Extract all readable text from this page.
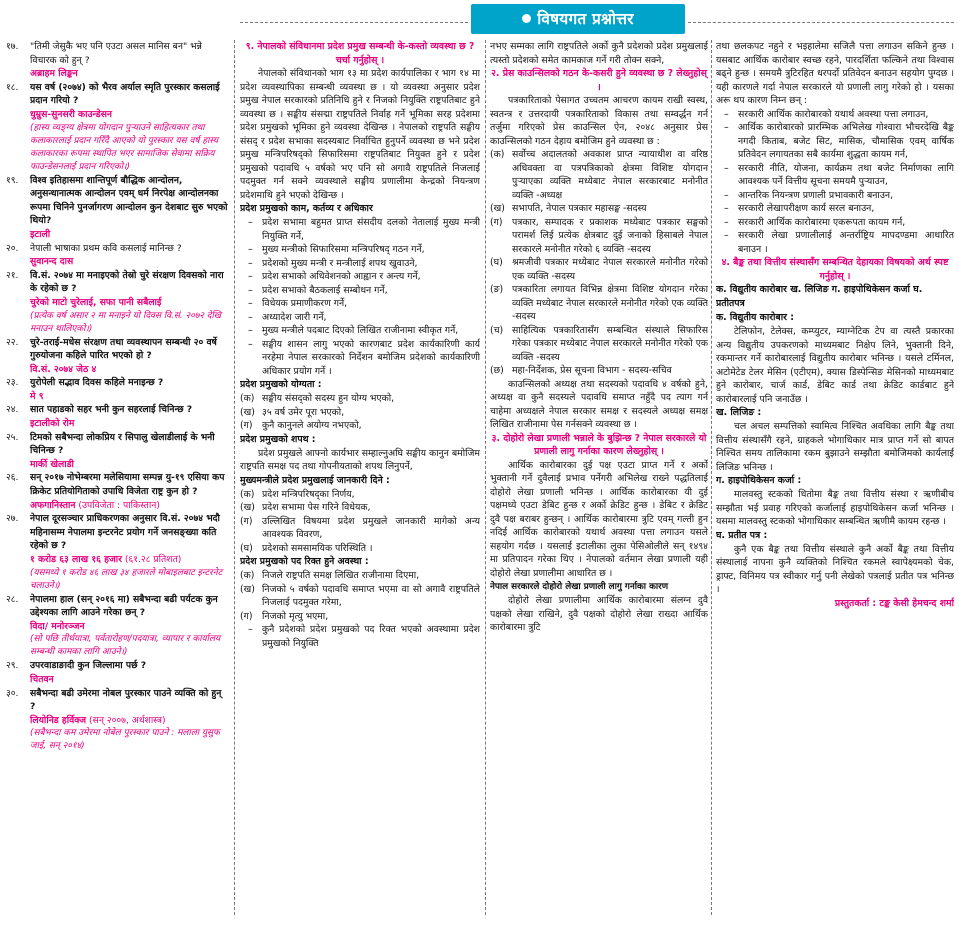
विषयगत प्रश्नोत्तर
१७. "तिमी जेसुकै भए पनि एउटा असल मानिस बन" भन्ने विचारक को हुन् ?
अब्राहम लिङ्कन
१८. यस वर्ष (२०७४) को भैरव अर्याल स्मृति पुरस्कार कसलाई प्रदान गरियो ?
धुम्रुस-सुनसरी काउन्डेसन
(हास्य व्यङ्ग्य क्षेत्रमा योगदान पुऱ्याउने साहित्यकार तथा कलाकारलाई प्रदान गरिँदै आएको यो पुरस्कार यस वर्ष हास्य कलाकारका रूपमा स्थापित भएर सामाजिक सेवामा सक्रिय फाउन्डेसनलाई प्रदान गरिएको।)
१९. विश्व इतिहासमा शान्तिपूर्ण बौद्धिक आन्दोलन, अनुसन्धानात्मक आन्दोलन एवम् धर्म निरपेक्ष आन्दोलनका रूपमा चिनिने पुनर्जागरण आन्दोलन कुन देशबाट सुरु भएको थियो?
इटाली
२०. नेपाली भाषाका प्रथम कवि कसलाई मानिन्छ ?
सुवानन्द दास
२१. वि.सं. २०७४ मा मनाइएको तेस्रो चुरे संरक्षण दिवसको नारा के रहेको छ ?
चुरेको माटो चुरेलाई, सफा पानी सबैलाई
(प्रत्येक वर्ष असार २ मा मनाइने यो दिवस वि.सं. २०७२ देखि मनाउन थालिएको।)
२२. चुरे-तराई-मधेस संरक्षण तथा व्यवस्थापन सम्बन्धी २० वर्षे गुरुयोजना कहिले पारित भएको हो ?
वि.सं. २०७४ जेठ ४
२३. युरोपेली सद्भाव दिवस कहिले मनाइन्छ ?
मे ९
२४. सात पहाडको सहर भनी कुन सहरलाई चिनिन्छ ?
इटालीको रोम
२५. टिमको सबैभन्दा लोकप्रिय र सिपालु खेलाडीलाई के भनी चिनिन्छ ?
मार्की खेलाडी
२६. सन् २०१७ नोभेम्बरमा मलेसियामा सम्पन्न यु-१९ एसिया कप क्रिकेट प्रतियोगिताको उपाधि विजेता राष्ट्र कुन हो ?
अफगानिस्तान (उपविजेता : पाकिस्तान)
२७. नेपाल दूरसञ्चार प्राधिकरणका अनुसार वि.सं. २०७४ भदौ महिनासम्म नेपालमा इन्टरनेट प्रयोग गर्ने जनसङ्ख्या कति रहेको छ ?
१ करोड ६३ लाख १६ हजार (६१.२८ प्रतिशत)
(यसमध्ये १ करोड ४६ लाख ३४ हजारले मोबाइलबाट इन्टरनेट चलाउने।)
२८. नेपालमा हाल (सन् २०१६ मा) सबैभन्दा बढी पर्यटक कुन उद्देश्यका लागि आउने गरेका छन् ?
विदा/ मनोरञ्जन
(सो पछि तीर्थयात्रा, पर्वतारोहण/पदयात्रा, व्यापार र कार्यालय सम्बन्धी कामका लागि आउने।)
२९. उपरवाडाङादी कुन जिल्लामा पर्छ ?
चितवन
३०. सबैभन्दा बढी उमेरमा नोबल पुरस्कार पाउने व्यक्ति को हुन् ?
लियोनिड हर्विक्ज (सन् २००७, अर्थशास्त्र)
(सबैभन्दा कम उमेरमा नोबेल पुरस्कार पाउने : मलाला युसुफ जाई, सन् २०१४)
९. नेपालको संविधानमा प्रदेश प्रमुख सम्बन्धी के-कस्तो व्यवस्था छ ? चर्चा गर्नुहोस् ।

नेपालको संविधानको भाग १३ मा प्रदेश कार्यपालिका र भाग १४ मा प्रदेश व्यवस्थापिका सम्बन्धी व्यवस्था छ । यो व्यवस्था अनुसार प्रदेश प्रमुख नेपाल सरकारको प्रतिनिधि हुने र निजको नियुक्ति राष्ट्रपतिबाट हुने व्यवस्था छ । सङ्घीय संसद्मा राष्ट्रपतिले निर्वाह गर्ने भूमिका सरह प्रदेशमा प्रदेश प्रमुखको भूमिका हुने व्यवस्था देखिन्छ । नेपालको राष्ट्रपति सङ्घीय संसद् र प्रदेश सभाका सदस्यबाट निर्वाचित हुनुपर्ने व्यवस्था छ भने प्रदेश प्रमुख मन्त्रिपरिषद्को सिफारिसमा राष्ट्रपतिबाट नियुक्त हुने र प्रदेश प्रमुखको पदावधि ५ वर्षको भए पनि सो अगावै राष्ट्रपतिले निजलाई पदमुक्त गर्न सक्ने व्यवस्थाले सङ्घीय प्रणालीमा केन्द्रको नियन्त्रण प्रदेशमाथि हुने भएको देखिन्छ ।

प्रदेश प्रमुखको काम, कर्तव्य र अधिकार
– प्रदेश सभामा बहुमत प्राप्त संसदीय दलको नेतालाई मुख्य मन्त्री नियुक्ति गर्ने,
– मुख्य मन्त्रीको सिफारिसमा मन्त्रिपरिषद् गठन गर्ने,
– प्रदेशको मुख्य मन्त्री र मन्त्रीलाई शपथ खुवाउने,
– प्रदेश सभाको अधिवेशनको आह्वान र अन्त्य गर्ने,
– प्रदेश सभाको बैठकलाई सम्बोधन गर्ने,
– विधेयक प्रमाणीकरण गर्ने,
– अध्यादेश जारी गर्ने,
– मुख्य मन्त्रीले पदबाट दिएको लिखित राजीनामा स्वीकृत गर्ने,
– सङ्घीय शासन लागु भएको कारणबाट प्रदेश कार्यकारिणी कार्य नरहेमा नेपाल सरकारको निर्देशन बमोजिम प्रदेशको कार्यकारिणी अधिकार प्रयोग गर्ने ।
प्रदेश प्रमुखको योग्यता :
(क) सङ्घीय संसद्को सदस्य हुन योग्य भएको,
(ख) ३५ वर्ष उमेर पूरा भएको,
(ग) कुनै कानुनले अयोग्य नभएको,
प्रदेश प्रमुखको शपथ :

प्रदेश प्रमुखले आफ्नो कार्यभार सम्हाल्नुअघि सङ्घीय कानुन बमोजिम राष्ट्रपति समक्ष पद तथा गोपनीयताको शपथ लिनुपर्ने,

मुख्यमन्त्रीले प्रदेश प्रमुखलाई जानकारी दिने :
(क) प्रदेश मन्त्रिपरिषद्का निर्णय,
(ख) प्रदेश सभामा पेस गरिने विधेयक,
(ग) उल्लिखित विषयमा प्रदेश प्रमुखले जानकारी मागेको अन्य आवश्यक विवरण,
(घ) प्रदेशको समसामयिक परिस्थिति ।
प्रदेश प्रमुखको पद रिक्त हुने अवस्था :
(क) निजले राष्ट्रपति समक्ष लिखित राजीनामा दिएमा,
(ख) निजको ५ वर्षको पदावधि समाप्त भएमा वा सो अगावै राष्ट्रपतिले निजलाई पदमुक्त गरेमा,
(ग) निजको मृत्यु भएमा,
– कुनै प्रदेशको प्रदेश प्रमुखको पद रिक्त भएको अवस्थामा प्रदेश प्रमुखको नियुक्ति

नभए सम्मका लागि राष्ट्रपतिले अर्को कुनै प्रदेशको प्रदेश प्रमुखलाई त्यस्तो प्रदेशको समेत कामकाज गर्ने गरी तोक्न सक्ने,

२. प्रेस काउन्सिलको गठन के-कसरी हुने व्यवस्था छ ? लेख्नुहोस् ।

पत्रकारिताको पेसागत उच्चतम आचरण कायम राखी स्वस्थ, स्वतन्त्र र उत्तरदायी पत्रकारिताको विकास तथा सम्वर्द्धन गर्न तर्जुमा गरिएको प्रेस काउन्सिल ऐन, २०४८ अनुसार प्रेस काउन्सिलको गठन देहाय बमोजिम हुने व्यवस्था छ :

(क) सर्वोच्च अदालतको अवकाश प्राप्त न्यायाधीश वा वरिष्ठ अधिवक्ता वा पत्रपत्रिकाको क्षेत्रमा विशिष्ट योगदान पुऱ्याएका व्यक्ति मध्येबाट नेपाल सरकारबाट मनोनीत व्यक्ति -अध्यक्ष
(ख) सभापति, नेपाल पत्रकार महासङ्घ -सदस्य
(ग) पत्रकार, सम्पादक र प्रकाशक मध्येबाट पत्रकार सङ्घको परामर्श लिई प्रत्येक क्षेत्रबाट दुई जनाको हिसाबले नेपाल सरकारले मनोनीत गरेको ६ व्यक्ति -सदस्य
(घ) श्रमजीवी पत्रकार मध्येबाट नेपाल सरकारले मनोनीत गरेको एक व्यक्ति -सदस्य
(ङ) पत्रकारिता लगायत विभिन्न क्षेत्रमा विशिष्ट योगदान गरेका व्यक्ति मध्येबाट नेपाल सरकारले मनोनीत गरेको एक व्यक्ति -सदस्य
(च) साहित्यिक पत्रकारितासँग सम्बन्धित संस्थाले सिफारिस गरेका पत्रकार मध्येबाट नेपाल सरकारले मनोनीत गरेको एक व्यक्ति -सदस्य
(छ) महा-निर्देशक, प्रेस सूचना विभाग - सदस्य-सचिव

काउन्सिलको अध्यक्ष तथा सदस्यको पदावधि ४ वर्षको हुने, अध्यक्ष वा कुनै सदस्यले पदावधि समाप्त नहुँदै पद त्याग गर्न चाहेमा अध्यक्षले नेपाल सरकार समक्ष र सदस्यले अध्यक्ष समक्ष लिखित राजीनामा पेस गर्नसक्ने व्यवस्था छ ।

३. दोहोरो लेखा प्रणाली भन्नाले के बुझिन्छ ? नेपाल सरकारले यो प्रणाली लागु गर्नाका कारण लेख्नुहोस् ।

आर्थिक कारोबारका दुई पक्ष एउटा प्राप्त गर्ने र अर्को भुक्तानी गर्ने दुवैलाई प्रभाव पर्नेगरी अभिलेख राख्ने पद्धतिलाई दोहोरो लेखा प्रणाली भनिन्छ । आर्थिक कारोबारका यी दुई पक्षमध्ये एउटा डेबिट हुन्छ र अर्को क्रेडिट हुन्छ । डेबिट र क्रेडिट दुवै पक्ष बराबर हुन्छन् । आर्थिक कारोबारमा त्रुटि एवम् गल्ती हुन नदिई आर्थिक कारोबारको यथार्थ अवस्था पत्ता लगाउन यसले सहयोग गर्दछ । यसलाई इटालीका लुका पेसिओलीले सन् १४९४ मा प्रतिपादन गरेका थिए । नेपालको वर्तमान लेखा प्रणाली यही दोहोरो लेखा प्रणालीमा आधारित छ ।

नेपाल सरकारले दोहोरो लेखा प्रणाली लागु गर्नाका कारण

दोहोरो लेखा प्रणालीमा आर्थिक कारोबारमा संलग्न दुवै पक्षको लेखा राखिने, दुवै पक्षको दोहोरो लेखा राख्दा आर्थिक कारोबारमा त्रुटि

तथा छलकपट नहुने र भइहालेमा सजिलै पत्ता लगाउन सकिने हुन्छ । यसबाट आर्थिक कारोबार स्वच्छ रहने, पारदर्शिता फल्किने तथा विश्वास बढ्ने हुन्छ । समयमै त्रुटिरहित धरपर्दो प्रतिवेदन बनाउन सहयोग पुग्दछ । यही कारणले गर्दा नेपाल सरकारले यो प्रणाली लागु गरेको हो । यसका अरू थप कारण निम्न छन् :

– सरकारी आर्थिक कारोबारको यथार्थ अवस्था पत्ता लगाउन,
– आर्थिक कारोबारको प्रारम्भिक अभिलेख गोश्वारा भौचरदेखि बैङ्क नगदी किताब, बजेट सिट, मासिक, चौमासिक एवम् वार्षिक प्रतिवेदन लगायतका सबै कार्यमा शुद्धता कायम गर्न,
– सरकारी नीति, योजना, कार्यक्रम तथा बजेट निर्माणका लागि आवश्यक पर्ने वित्तीय सूचना समयमै पुऱ्याउन,
– आन्तरिक नियन्त्रण प्रणाली प्रभावकारी बनाउन,
– सरकारी लेखापरीक्षण कार्य सरल बनाउन,
– सरकारी आर्थिक कारोबारमा एकरूपता कायम गर्न,
– सरकारी लेखा प्रणालीलाई अन्तर्राष्ट्रिय मापदण्डमा आधारित बनाउन ।
४. बैङ्क तथा वित्तीय संस्थासँग सम्बन्धित देहायका विषयको अर्थ स्पष्ट गर्नुहोस् ।
क. विद्युतीय कारोबार ख. लिजिङ ग. हाइपोथिकेसन कर्जा घ. प्रतीतपत्र
क. विद्युतीय कारोबार :

टेलिफोन, टेलेक्स, कम्प्युटर, म्याग्नेटिक टेप वा त्यस्तै प्रकारका अन्य विद्युतीय उपकरणको माध्यमबाट निक्षेप लिने, भुक्तानी दिने, रकमान्तर गर्ने कारोबारलाई विद्युतीय कारोबार भनिन्छ । यसले टर्मिनल, अटोमेटेड टेलर मेसिन (एटीएम), क्यास डिस्पेन्सिङ मेसिनको माध्यमबाट हुने कारोबार, चार्ज कार्ड, डेबिट कार्ड तथा क्रेडिट कार्डबाट हुने कारोबारलाई पनि जनाउँछ ।

ख. लिजिङ :

चल अचल सम्पत्तिको स्वामित्व निश्चित अवधिका लागि बैङ्क तथा वित्तीय संस्थासँगै रहने, ग्राहकले भोगाधिकार मात्र प्राप्त गर्ने सो बापत निश्चित समय तालिकामा रकम बुझाउने सम्झौता बमोजिमको कार्यलाई लिजिङ भनिन्छ ।

ग. हाइपोथिकेसन कर्जा :

मालवस्तु स्टकको धितोमा बैङ्क तथा वित्तीय संस्था र ऋणीबीच सम्झौता भई प्रवाह गरिएको कर्जालाई हाइपोथिकेसन कर्जा भनिन्छ । यसमा मालवस्तु स्टकको भोगाधिकार सम्बन्धित ऋणीमै कायम रहन्छ ।

घ. प्रतीत पत्र :

कुनै एक बैङ्क तथा वित्तीय संस्थाले कुनै अर्को बैङ्क तथा वित्तीय संस्थालाई नापना कुनै व्यक्तिको निश्चित रकमले स्वापेक्ष्यमको चेक, ड्राफ्ट, विनिमय पत्र स्वीकार गर्नु पनी लेखेको पत्रलाई प्रतीत पत्र भनिन्छ ।

प्रस्तुतकर्ता : टङ्क केसी हेमचन्द शर्मा
